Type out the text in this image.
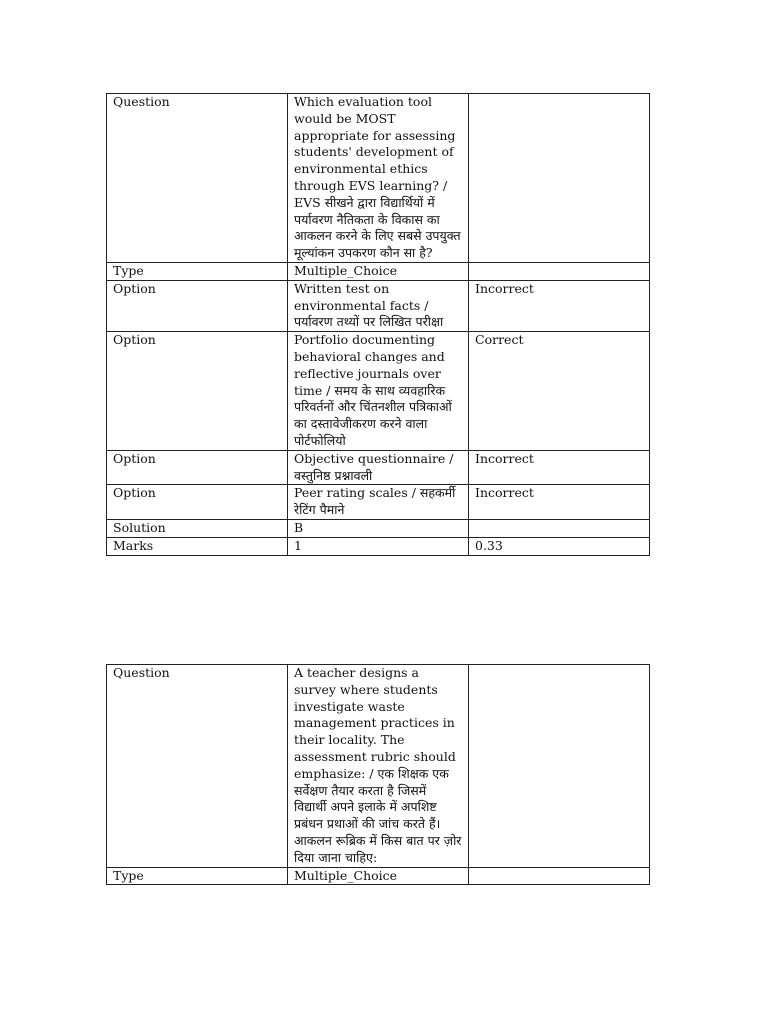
Question	Which evaluation tool would be MOST appropriate for assessing students' development of environmental ethics through EVS learning? / EVS सीखने द्वारा विद्यार्थियों में पर्यावरण नैतिकता के विकास का आकलन करने के लिए सबसे उपयुक्त मूल्यांकन उपकरण कौन सा है?	
Type	Multiple_Choice	
Option	Written test on environmental facts / पर्यावरण तथ्यों पर लिखित परीक्षा	Incorrect
Option	Portfolio documenting behavioral changes and reflective journals over time / समय के साथ व्यवहारिक परिवर्तनों और चिंतनशील पत्रिकाओं का दस्तावेजीकरण करने वाला पोर्टफोलियो	Correct
Option	Objective questionnaire / वस्तुनिष्ठ प्रश्नावली	Incorrect
Option	Peer rating scales / सहकर्मी रेटिंग पैमाने	Incorrect
Solution	B	
Marks	1	0.33
Question	A teacher designs a survey where students investigate waste management practices in their locality. The assessment rubric should emphasize: / एक शिक्षक एक सर्वेक्षण तैयार करता है जिसमें विद्यार्थी अपने इलाके में अपशिष्ट प्रबंधन प्रथाओं की जांच करते हैं। आकलन रूब्रिक में किस बात पर ज़ोर दिया जाना चाहिए:	
Type	Multiple_Choice	
